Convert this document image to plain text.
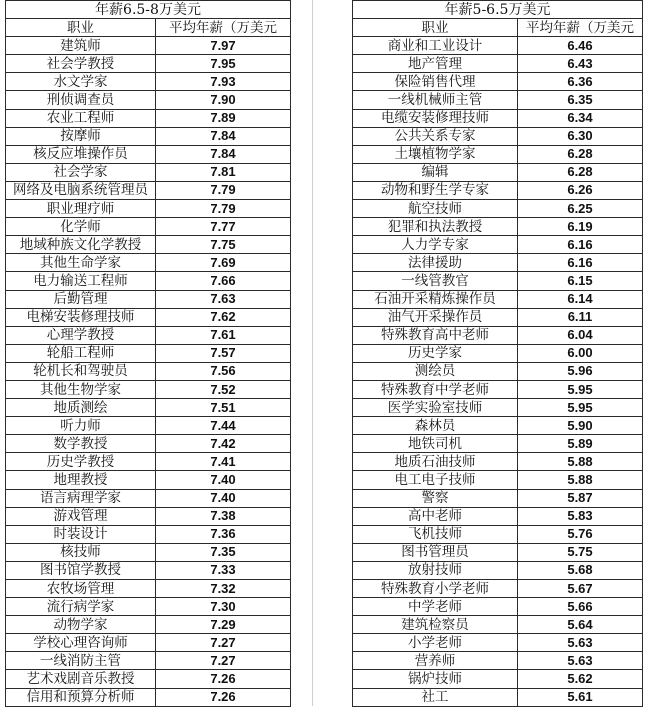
年薪6.5-8万美元	
职业	平均年薪（万美元
建筑师	7.97
社会学教授	7.95
水文学家	7.93
刑侦调查员	7.90
农业工程师	7.89
按摩师	7.84
核反应堆操作员	7.84
社会学家	7.81
网络及电脑系统管理员	7.79
职业理疗师	7.79
化学师	7.77
地域种族文化学教授	7.75
其他生命学家	7.69
电力输送工程师	7.66
后勤管理	7.63
电梯安装修理技师	7.62
心理学教授	7.61
轮船工程师	7.57
轮机长和驾驶员	7.56
其他生物学家	7.52
地质测绘	7.51
听力师	7.44
数学教授	7.42
历史学教授	7.41
地理教授	7.40
语言病理学家	7.40
游戏管理	7.38
时装设计	7.36
核技师	7.35
图书馆学教授	7.33
农牧场管理	7.32
流行病学家	7.30
动物学家	7.29
学校心理咨询师	7.27
一线消防主管	7.27
艺术戏剧音乐教授	7.26
信用和预算分析师	7.26
年薪5-6.5万美元	
职业	平均年薪（万美元
商业和工业设计	6.46
地产管理	6.43
保险销售代理	6.36
一线机械师主管	6.35
电缆安装修理技师	6.34
公共关系专家	6.30
土壤植物学家	6.28
编辑	6.28
动物和野生学专家	6.26
航空技师	6.25
犯罪和执法教授	6.19
人力学专家	6.16
法律援助	6.16
一线管教官	6.15
石油开采精炼操作员	6.14
油气开采操作员	6.11
特殊教育高中老师	6.04
历史学家	6.00
测绘员	5.96
特殊教育中学老师	5.95
医学实验室技师	5.95
森林员	5.90
地铁司机	5.89
地质石油技师	5.88
电工电子技师	5.88
警察	5.87
高中老师	5.83
飞机技师	5.76
图书管理员	5.75
放射技师	5.68
特殊教育小学老师	5.67
中学老师	5.66
建筑检察员	5.64
小学老师	5.63
营养师	5.63
锅炉技师	5.62
社工	5.61
